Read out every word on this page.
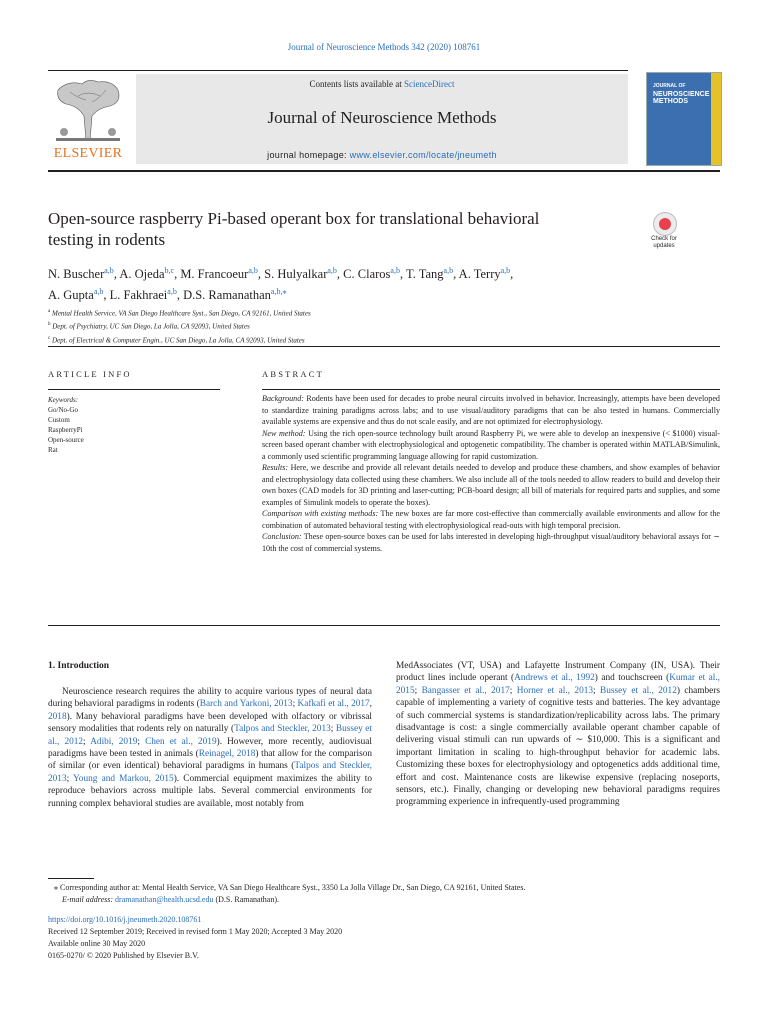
Journal of Neuroscience Methods 342 (2020) 108761
ELSEVIER
Contents lists available at ScienceDirect
Journal of Neuroscience Methods
journal homepage: www.elsevier.com/locate/jneumeth
JOURNAL OF
NEUROSCIENCE
METHODS
Open-source raspberry Pi-based operant box for translational behavioral
testing in rodents	Check for
updates
N. Buscher$^{a,b}$, A. Ojeda$^{b,c}$, M. Francoeur$^{a,b}$, S. Hulyalkar$^{a,b}$, C. Claros$^{a,b}$, T. Tang$^{a,b}$, A. Terry$^{a,b}$,
A. Gupta$^{a,b}$, L. Fakhraei$^{a,b}$, D.S. Ramanathan$^{a,b,⁎}$
$^a$ Mental Health Service, VA San Diego Healthcare Syst., San Diego, CA 92161, United States
$^b$ Dept. of Psychiatry, UC San Diego, La Jolla, CA 92093, United States
$^c$ Dept. of Electrical & Computer Engin., UC San Diego, La Jolla, CA 92093, United States
ARTICLE INFO	ABSTRACT
Keywords:
Go/No-Go
Custom
RaspberryPi
Open-source
Rat
Background: Rodents have been used for decades to probe neural circuits involved in behavior. Increasingly, attempts have been developed to standardize training paradigms across labs; and to use visual/auditory paradigms that can be also tested in humans. Commercially available systems are expensive and thus do not scale easily, and are not optimized for electrophysiology.
New method: Using the rich open-source technology built around Raspberry Pi, we were able to develop an inexpensive (< $1000) visual-screen based operant chamber with electrophysiological and optogenetic compatibility. The chamber is operated within MATLAB/Simulink, a commonly used scientific programming language allowing for rapid customization.
Results: Here, we describe and provide all relevant details needed to develop and produce these chambers, and show examples of behavior and electrophysiology data collected using these chambers. We also include all of the tools needed to allow readers to build and develop their own boxes (CAD models for 3D printing and laser-cutting; PCB-board design; all bill of materials for required parts and supplies, and some examples of Simulink models to operate the boxes).
Comparison with existing methods: The new boxes are far more cost-effective than commercially available environments and allow for the combination of automated behavioral testing with electrophysiological read-outs with high temporal precision.
Conclusion: These open-source boxes can be used for labs interested in developing high-throughput visual/auditory behavioral assays for ∼ 10th the cost of commercial systems.
1. Introduction
Neuroscience research requires the ability to acquire various types of neural data during behavioral paradigms in rodents (Barch and Yarkoni, 2013; Kafkafi et al., 2017, 2018). Many behavioral paradigms have been developed with olfactory or vibrissal sensory modalities that rodents rely on naturally (Talpos and Steckler, 2013; Bussey et al., 2012; Adibi, 2019; Chen et al., 2019). However, more recently, audiovisual paradigms have been tested in animals (Reinagel, 2018) that allow for the comparison of similar (or even identical) behavioral paradigms in humans (Talpos and Steckler, 2013; Young and Markou, 2015). Commercial equipment maximizes the ability to reproduce behaviors across multiple labs. Several commercial environments for running complex behavioral studies are available, most notably from
MedAssociates (VT, USA) and Lafayette Instrument Company (IN, USA). Their product lines include operant (Andrews et al., 1992) and touchscreen (Kumar et al., 2015; Bangasser et al., 2017; Horner et al., 2013; Bussey et al., 2012) chambers capable of implementing a variety of cognitive tests and batteries. The key advantage of such commercial systems is standardization/replicability across labs. The primary disadvantage is cost: a single commercially available operant chamber capable of delivering visual stimuli can run upwards of ∼ $10,000. This is a significant and important limitation in scaling to high-throughput behavior for academic labs. Customizing these boxes for electrophysiology and optogenetics adds additional time, effort and cost. Maintenance costs are likewise expensive (replacing noseports, sensors, etc.). Finally, changing or developing new behavioral paradigms requires programming experience in infrequently-used programming
⁎ Corresponding author at: Mental Health Service, VA San Diego Healthcare Syst., 3350 La Jolla Village Dr., San Diego, CA 92161, United States.
E-mail address: dramanathan@health.ucsd.edu (D.S. Ramanathan).
https://doi.org/10.1016/j.jneumeth.2020.108761
Received 12 September 2019; Received in revised form 1 May 2020; Accepted 3 May 2020
Available online 30 May 2020
0165-0270/ © 2020 Published by Elsevier B.V.
